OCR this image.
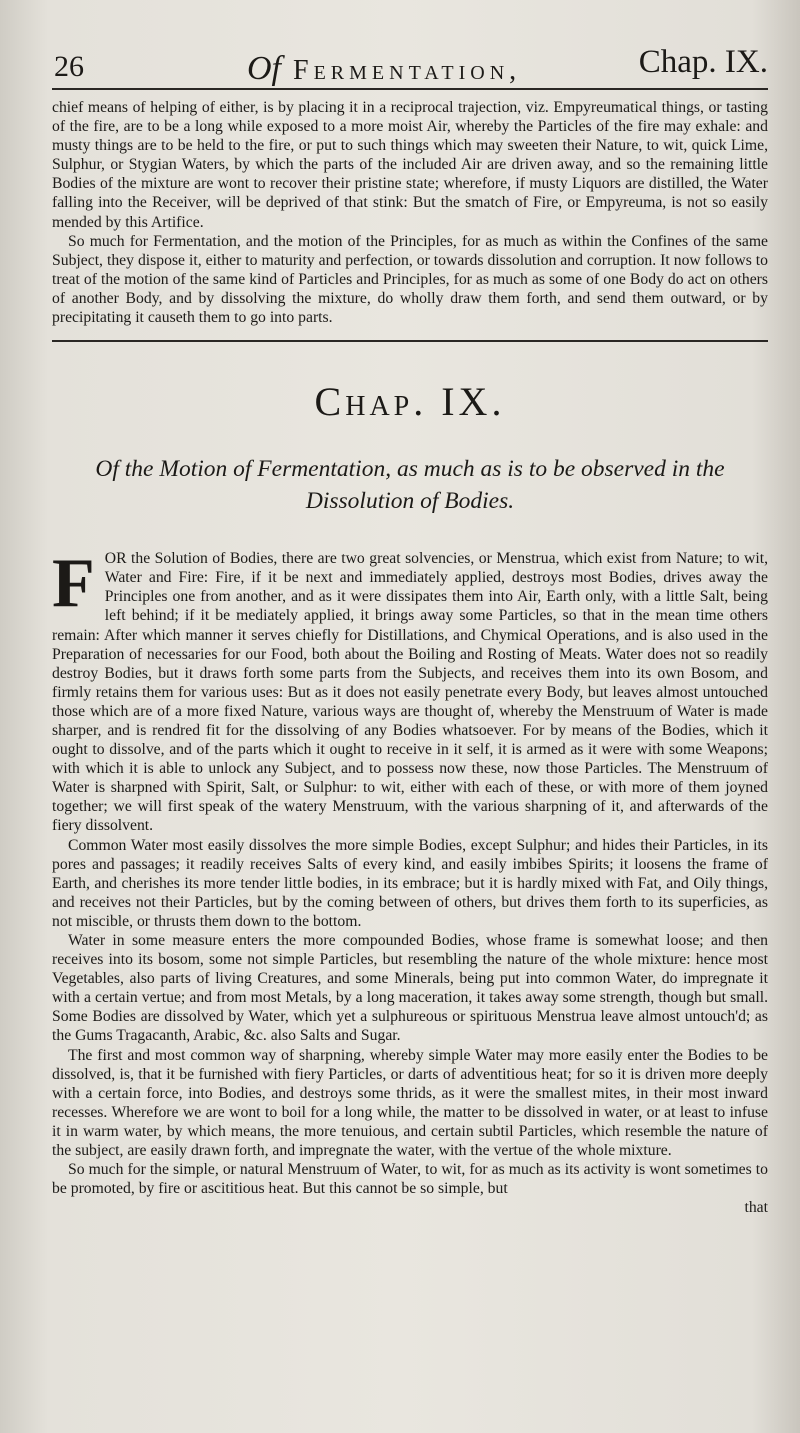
26	Of Fermentation,	Chap. IX.

chief means of helping of either, is by placing it in a reciprocal trajection, viz. Empyreumatical things, or tasting of the fire, are to be a long while exposed to a more moist Air, whereby the Particles of the fire may exhale: and musty things are to be held to the fire, or put to such things which may sweeten their Nature, to wit, quick Lime, Sulphur, or Stygian Waters, by which the parts of the included Air are driven away, and so the remaining little Bodies of the mixture are wont to recover their pristine state; wherefore, if musty Liquors are distilled, the Water falling into the Receiver, will be deprived of that stink: But the smatch of Fire, or Empyreuma, is not so easily mended by this Artifice.

So much for Fermentation, and the motion of the Principles, for as much as within the Confines of the same Subject, they dispose it, either to maturity and perfection, or towards dissolution and corruption. It now follows to treat of the motion of the same kind of Particles and Principles, for as much as some of one Body do act on others of another Body, and by dissolving the mixture, do wholly draw them forth, and send them outward, or by precipitating it causeth them to go into parts.

Chap. IX.
Of the Motion of Fermentation, as much as is to be observed in the Dissolution of Bodies.

FOR the Solution of Bodies, there are two great solvencies, or Menstrua, which exist from Nature; to wit, Water and Fire: Fire, if it be next and immediately applied, destroys most Bodies, drives away the Principles one from another, and as it were dissipates them into Air, Earth only, with a little Salt, being left behind; if it be mediately applied, it brings away some Particles, so that in the mean time others remain: After which manner it serves chiefly for Distillations, and Chymical Operations, and is also used in the Preparation of necessaries for our Food, both about the Boiling and Rosting of Meats. Water does not so readily destroy Bodies, but it draws forth some parts from the Subjects, and receives them into its own Bosom, and firmly retains them for various uses: But as it does not easily penetrate every Body, but leaves almost untouched those which are of a more fixed Nature, various ways are thought of, whereby the Menstruum of Water is made sharper, and is rendred fit for the dissolving of any Bodies whatsoever. For by means of the Bodies, which it ought to dissolve, and of the parts which it ought to receive in it self, it is armed as it were with some Weapons; with which it is able to unlock any Subject, and to possess now these, now those Particles. The Menstruum of Water is sharpned with Spirit, Salt, or Sulphur: to wit, either with each of these, or with more of them joyned together; we will first speak of the watery Menstruum, with the various sharpning of it, and afterwards of the fiery dissolvent.

Common Water most easily dissolves the more simple Bodies, except Sulphur; and hides their Particles, in its pores and passages; it readily receives Salts of every kind, and easily imbibes Spirits; it loosens the frame of Earth, and cherishes its more tender little bodies, in its embrace; but it is hardly mixed with Fat, and Oily things, and receives not their Particles, but by the coming between of others, but drives them forth to its superficies, as not miscible, or thrusts them down to the bottom.

Water in some measure enters the more compounded Bodies, whose frame is somewhat loose; and then receives into its bosom, some not simple Particles, but resembling the nature of the whole mixture: hence most Vegetables, also parts of living Creatures, and some Minerals, being put into common Water, do impregnate it with a certain vertue; and from most Metals, by a long maceration, it takes away some strength, though but small. Some Bodies are dissolved by Water, which yet a sulphureous or spirituous Menstrua leave almost untouch'd; as the Gums Tragacanth, Arabic, &c. also Salts and Sugar.

The first and most common way of sharpning, whereby simple Water may more easily enter the Bodies to be dissolved, is, that it be furnished with fiery Particles, or darts of adventitious heat; for so it is driven more deeply with a certain force, into Bodies, and destroys some thrids, as it were the smallest mites, in their most inward recesses. Wherefore we are wont to boil for a long while, the matter to be dissolved in water, or at least to infuse it in warm water, by which means, the more tenuious, and certain subtil Particles, which resemble the nature of the subject, are easily drawn forth, and impregnate the water, with the vertue of the whole mixture.

So much for the simple, or natural Menstruum of Water, to wit, for as much as its activity is wont sometimes to be promoted, by fire or ascititious heat. But this cannot be so simple, but

that
